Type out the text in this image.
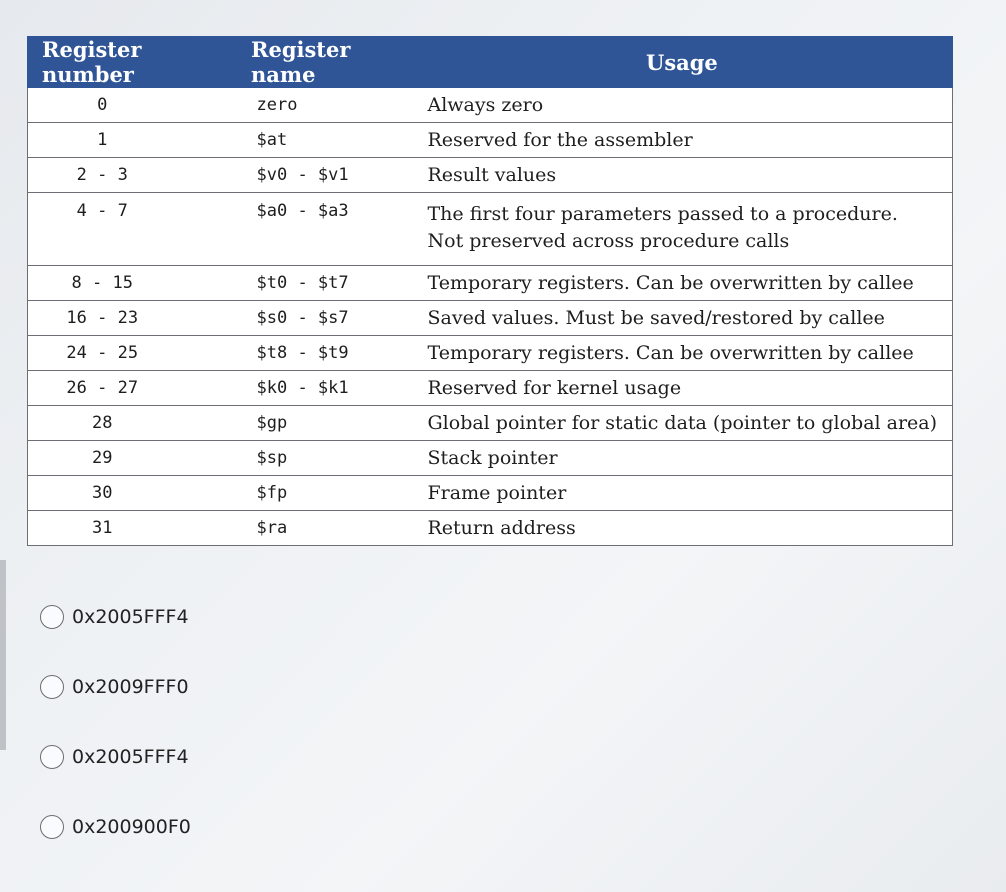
Register number	Register name	Usage
0	zero	Always zero
1	$at	Reserved for the assembler
2 - 3	$v0 - $v1	Result values
4 - 7	$a0 - $a3	The first four parameters passed to a procedure.
Not preserved across procedure calls

8 - 15	$t0 - $t7	Temporary registers. Can be overwritten by callee
16 - 23	$s0 - $s7	Saved values. Must be saved/restored by callee
24 - 25	$t8 - $t9	Temporary registers. Can be overwritten by callee
26 - 27	$k0 - $k1	Reserved for kernel usage
28	$gp	Global pointer for static data (pointer to global area)
29	$sp	Stack pointer
30	$fp	Frame pointer
31	$ra	Return address
0x2005FFF4
0x2009FFF0
0x2005FFF4
0x200900F0
